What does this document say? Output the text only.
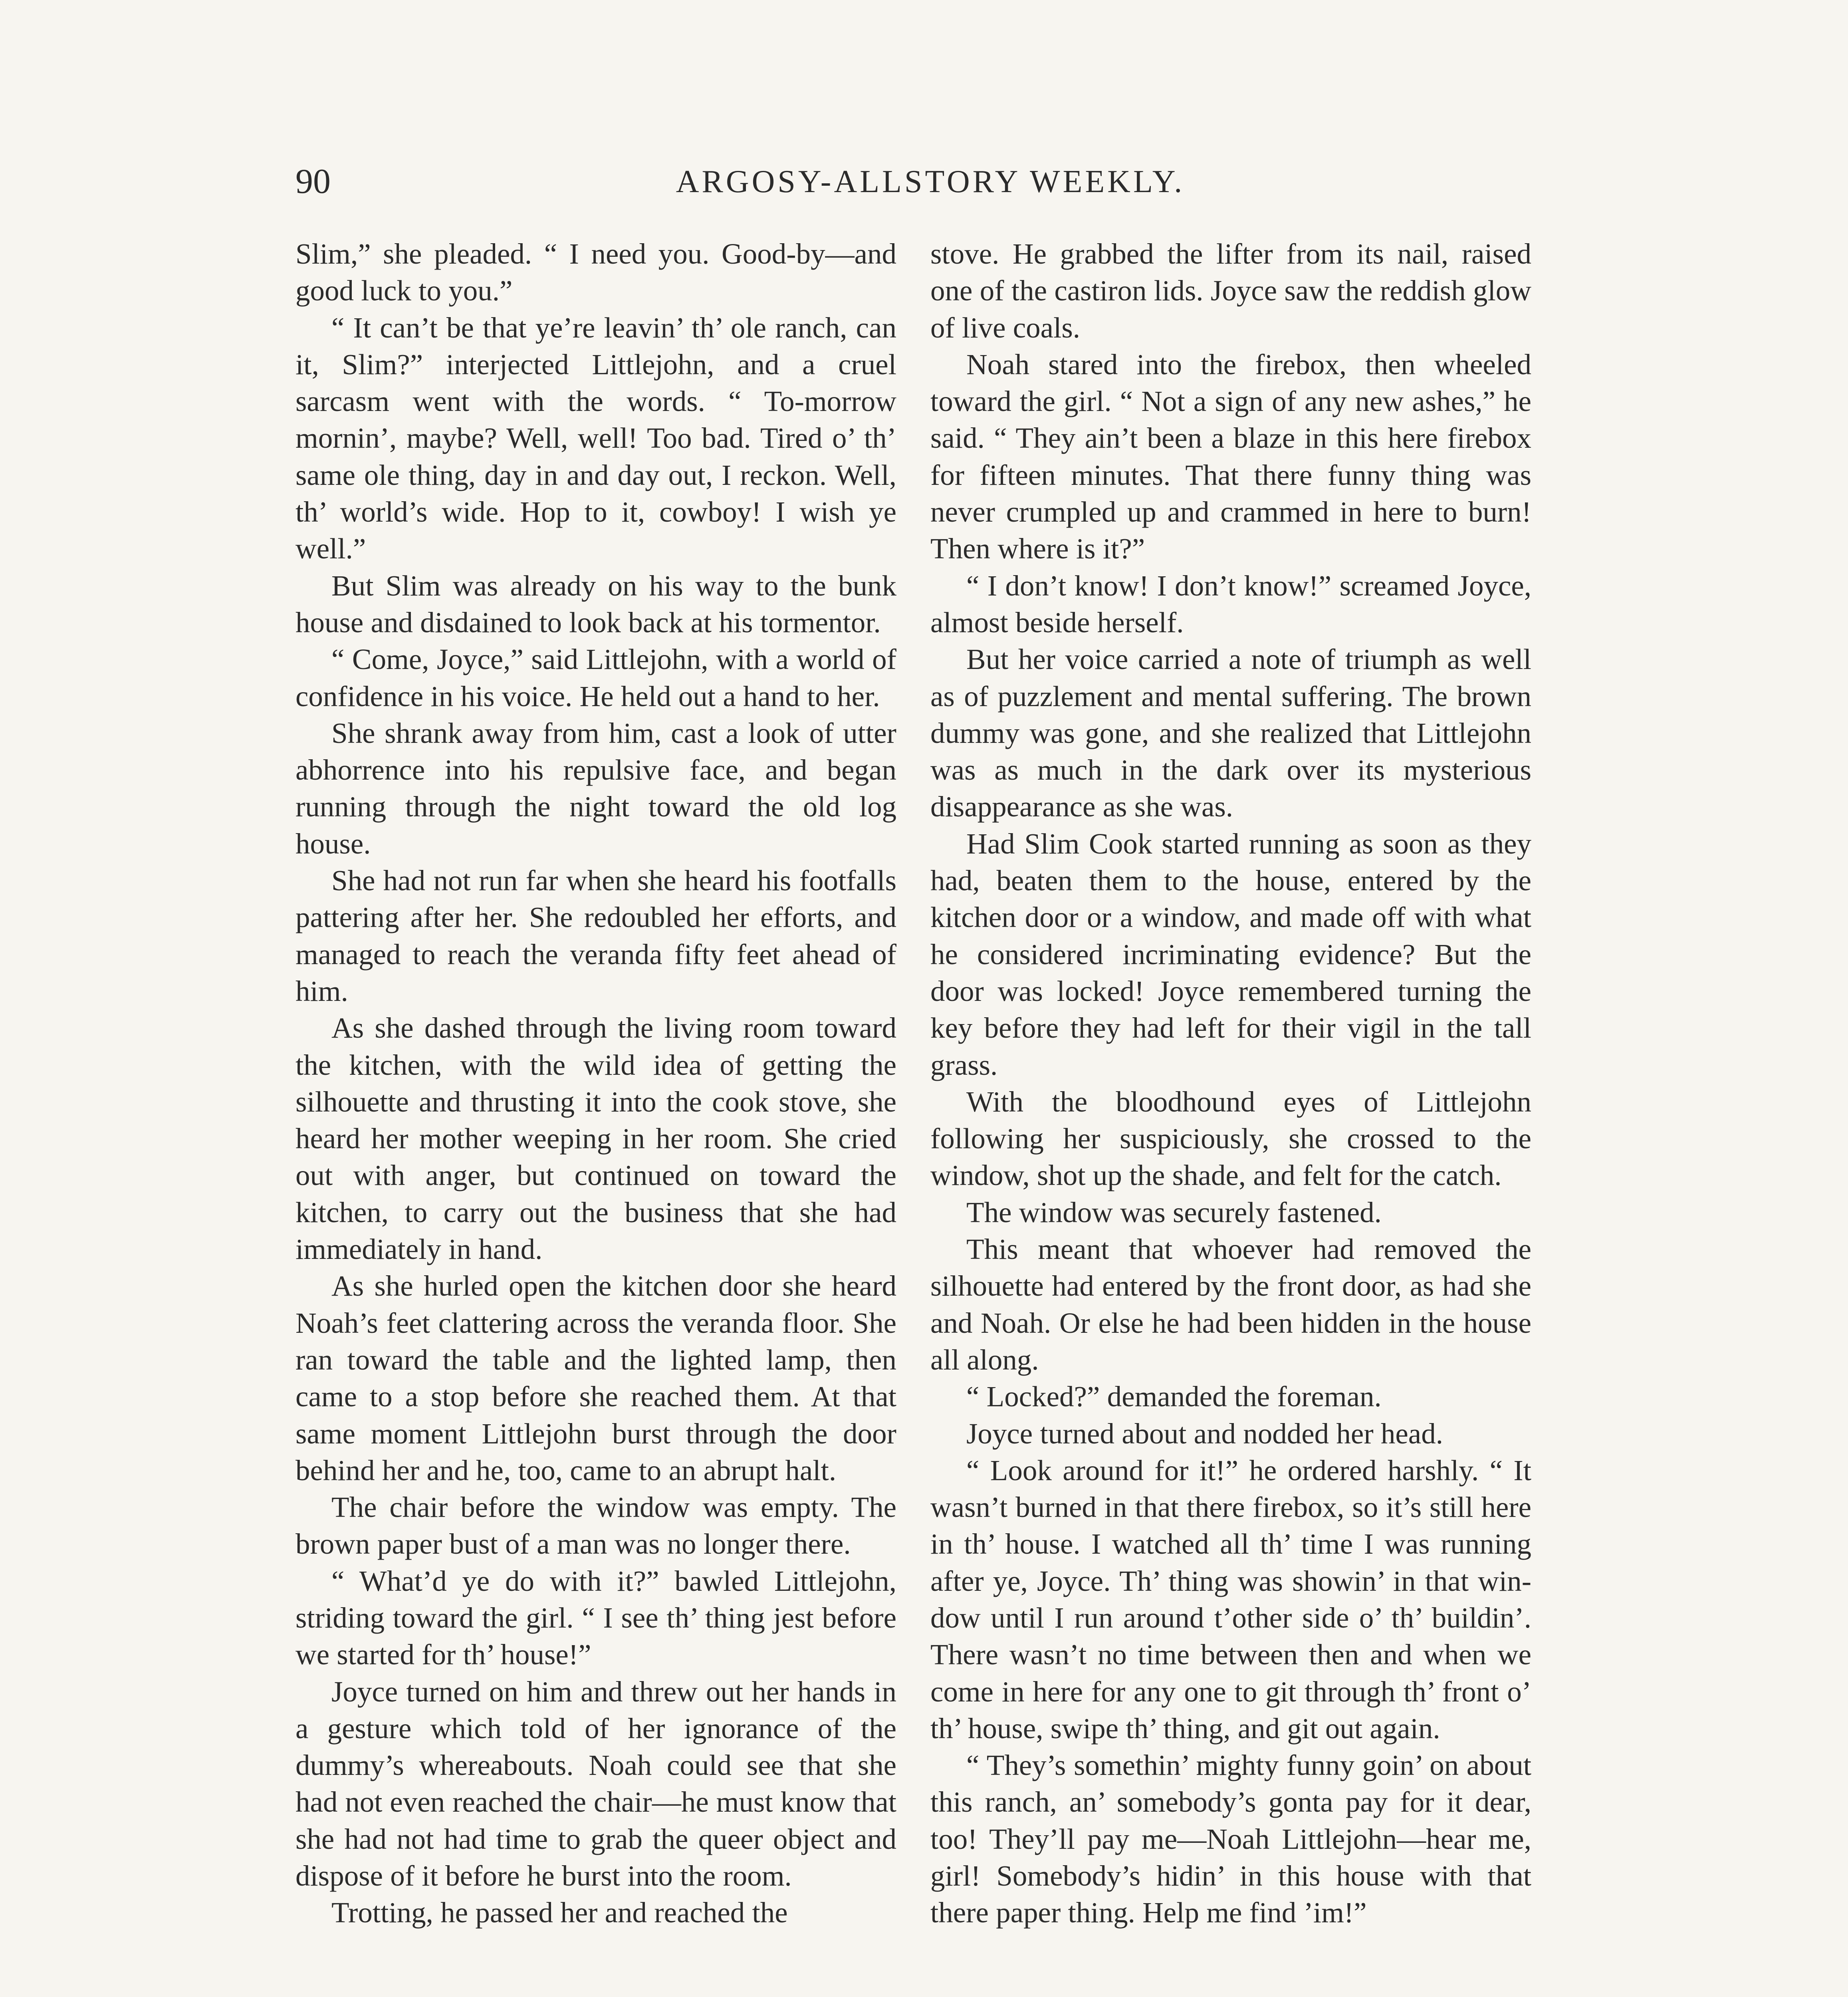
90	ARGOSY-ALLSTORY WEEKLY.

Slim,” she pleaded. “ I need you. Good-by—and good luck to you.”

“ It can’t be that ye’re leavin’ th’ ole ranch, can it, Slim?” interjected Littlejohn, and a cruel sarcasm went with the words. “ To-morrow mornin’, maybe? Well, well! Too bad. Tired o’ th’ same ole thing, day in and day out, I reckon. Well, th’ world’s wide. Hop to it, cowboy! I wish ye well.”

But Slim was already on his way to the bunk house and disdained to look back at his tormentor.

“ Come, Joyce,” said Littlejohn, with a world of confidence in his voice. He held out a hand to her.

She shrank away from him, cast a look of utter abhorrence into his repulsive face, and began running through the night toward the old log house.

She had not run far when she heard his footfalls pattering after her. She redoubled her efforts, and managed to reach the veranda fifty feet ahead of him.

As she dashed through the living room toward the kitchen, with the wild idea of getting the silhouette and thrusting it into the cook stove, she heard her mother weeping in her room. She cried out with anger, but continued on toward the kitchen, to carry out the business that she had immediately in hand.

As she hurled open the kitchen door she heard Noah’s feet clattering across the veranda floor. She ran toward the table and the lighted lamp, then came to a stop before she reached them. At that same moment Littlejohn burst through the door behind her and he, too, came to an abrupt halt.

The chair before the window was empty. The brown paper bust of a man was no longer there.

“ What’d ye do with it?” bawled Littlejohn, striding toward the girl. “ I see th’ thing jest before we started for th’ house!”

Joyce turned on him and threw out her hands in a gesture which told of her ignorance of the dummy’s whereabouts. Noah could see that she had not even reached the chair—he must know that she had not had time to grab the queer object and dispose of it before he burst into the room.

Trotting, he passed her and reached the

stove. He grabbed the lifter from its nail, raised one of the castiron lids. Joyce saw the reddish glow of live coals.

Noah stared into the firebox, then wheeled toward the girl. “ Not a sign of any new ashes,” he said. “ They ain’t been a blaze in this here firebox for fifteen minutes. That there funny thing was never crumpled up and crammed in here to burn! Then where is it?”

“ I don’t know! I don’t know!” screamed Joyce, almost beside herself.

But her voice carried a note of triumph as well as of puzzlement and mental suffering. The brown dummy was gone, and she realized that Littlejohn was as much in the dark over its mysterious disappearance as she was.

Had Slim Cook started running as soon as they had, beaten them to the house, entered by the kitchen door or a window, and made off with what he considered incriminating evidence? But the door was locked! Joyce remembered turning the key before they had left for their vigil in the tall grass.

With the bloodhound eyes of Littlejohn following her suspiciously, she crossed to the window, shot up the shade, and felt for the catch.

The window was securely fastened.

This meant that whoever had removed the silhouette had entered by the front door, as had she and Noah. Or else he had been hidden in the house all along.

“ Locked?” demanded the foreman.

Joyce turned about and nodded her head.

“ Look around for it!” he ordered harshly. “ It wasn’t burned in that there firebox, so it’s still here in th’ house. I watched all th’ time I was running after ye, Joyce. Th’ thing was showin’ in that window until I run around t’other side o’ th’ buildin’. There wasn’t no time between then and when we come in here for any one to git through th’ front o’ th’ house, swipe th’ thing, and git out again.

“ They’s somethin’ mighty funny goin’ on about this ranch, an’ somebody’s gonta pay for it dear, too! They’ll pay me—Noah Littlejohn—hear me, girl! Somebody’s hidin’ in this house with that there paper thing. Help me find ’im!”
